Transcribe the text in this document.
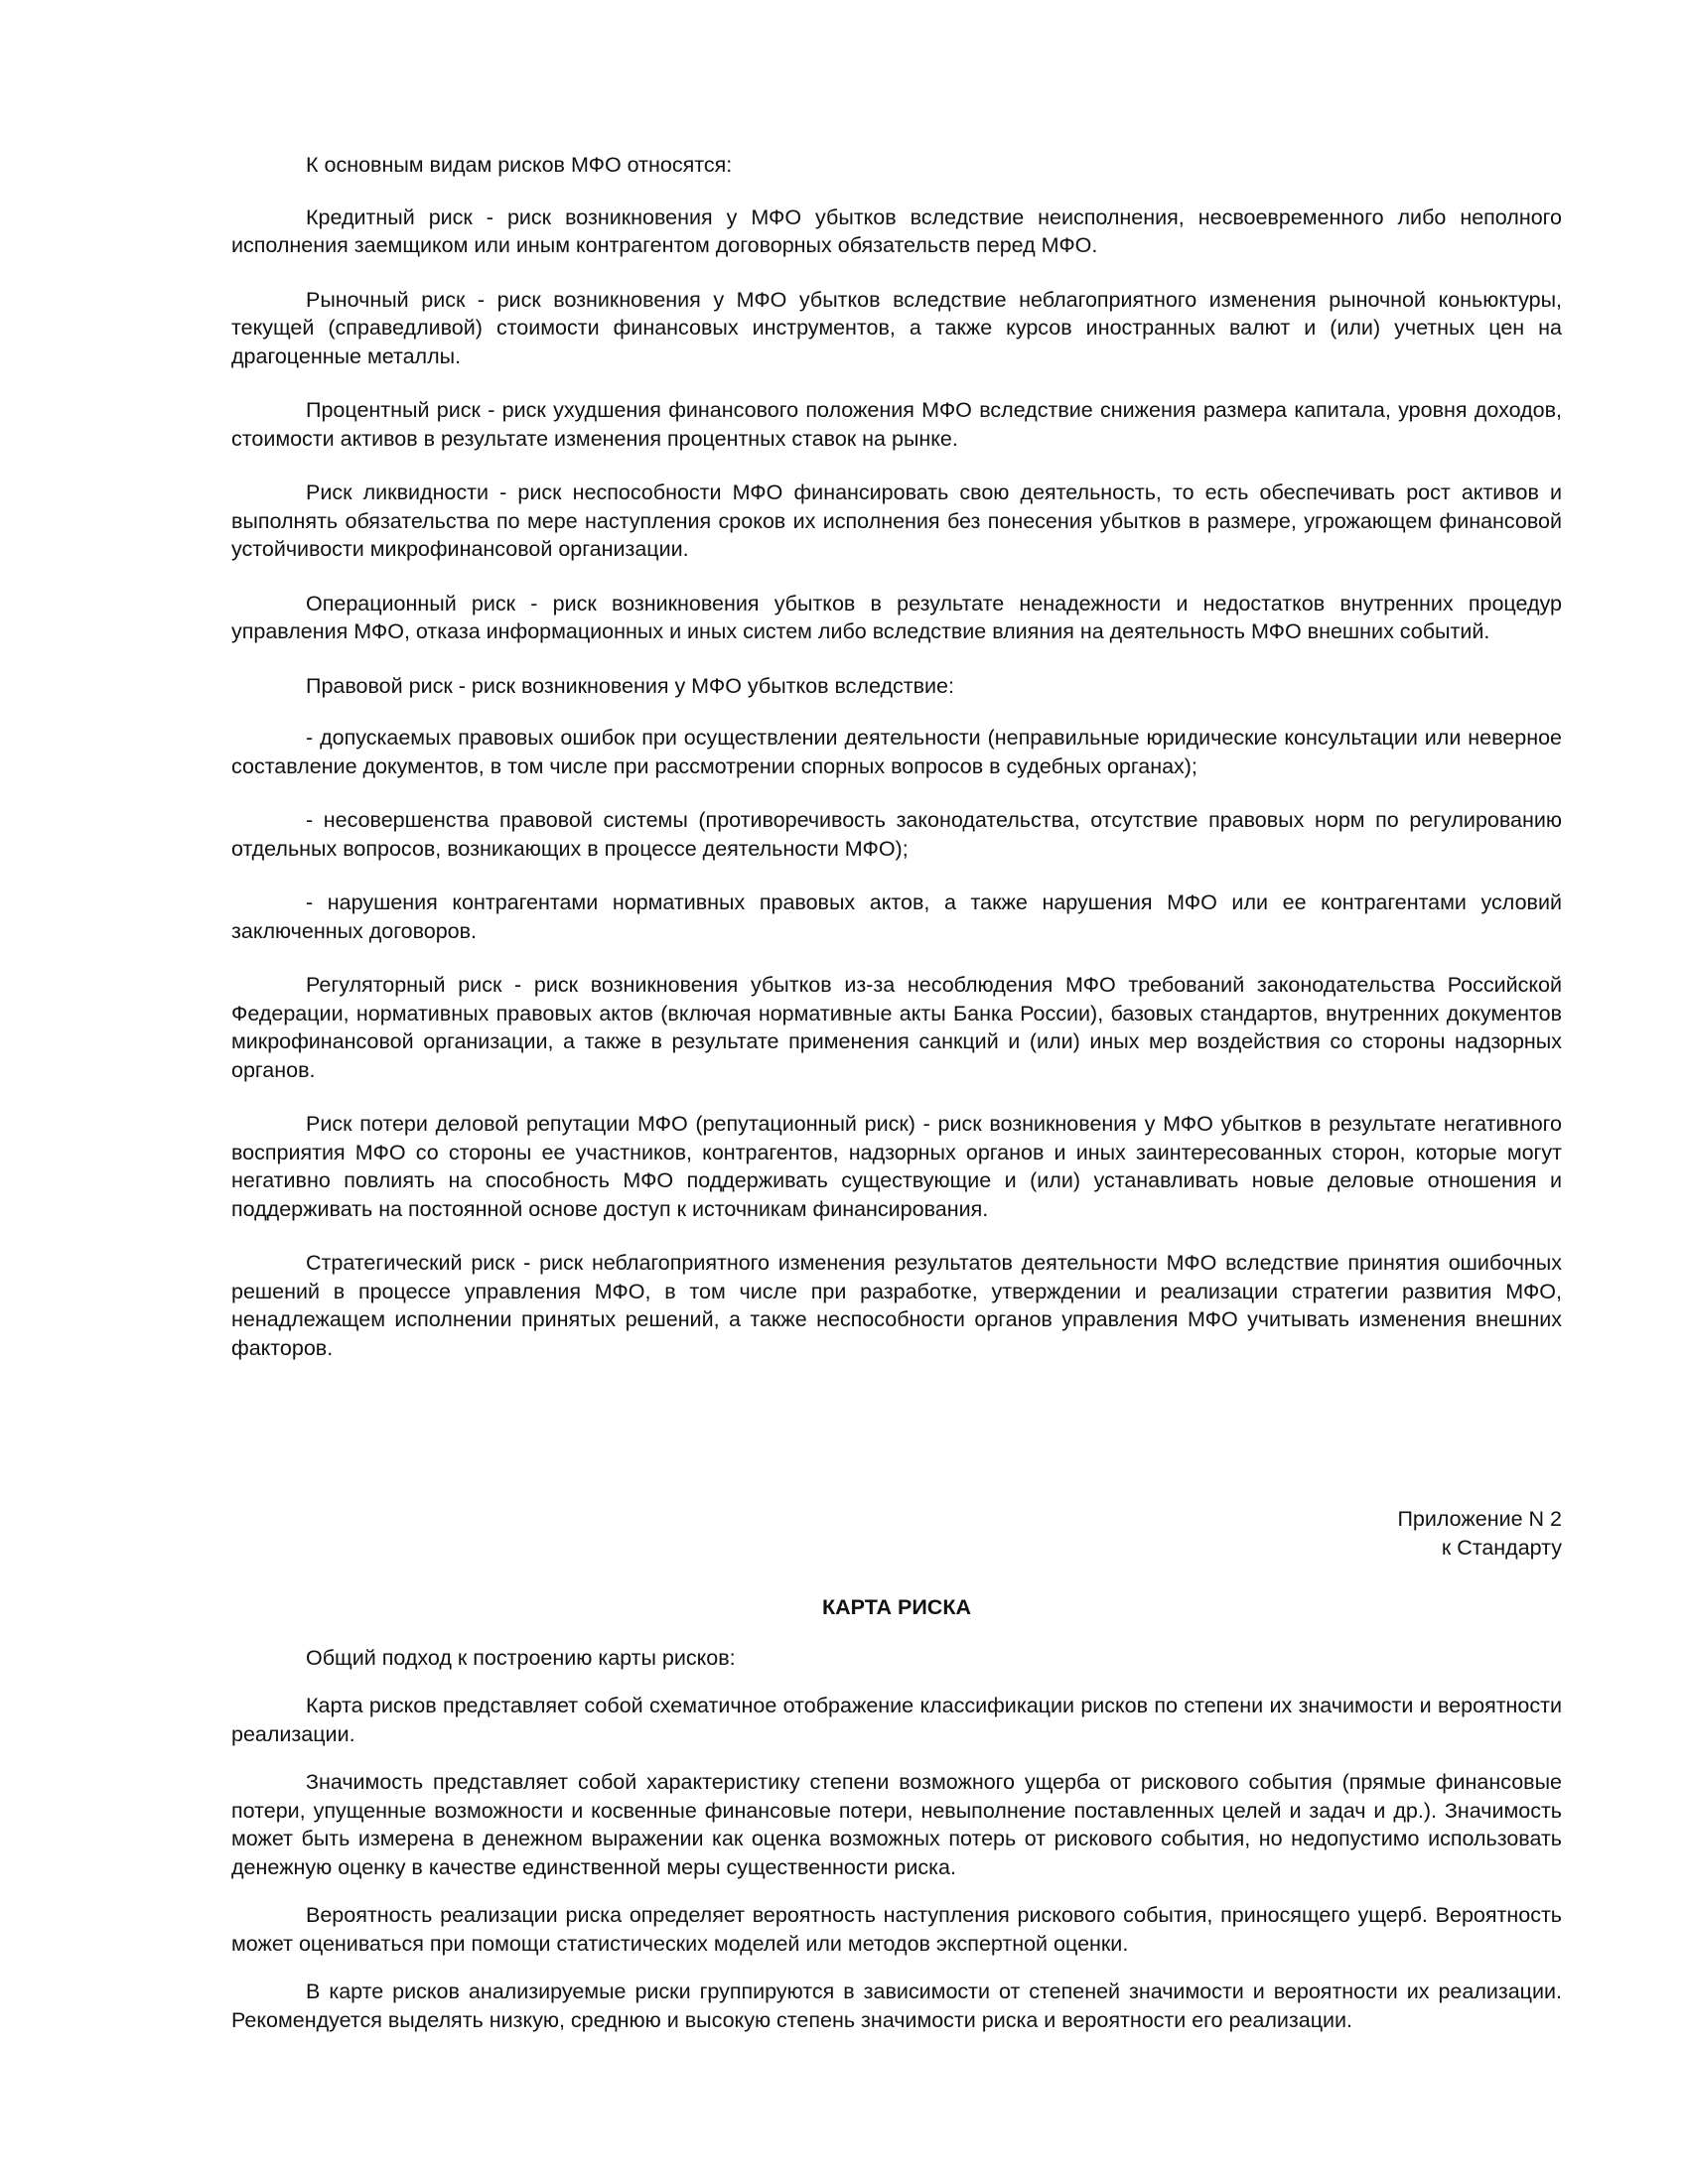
К основным видам рисков МФО относятся:

Кредитный риск - риск возникновения у МФО убытков вследствие неисполнения, несвоевременного либо неполного исполнения заемщиком или иным контрагентом договорных обязательств перед МФО.

Рыночный риск - риск возникновения у МФО убытков вследствие неблагоприятного изменения рыночной коньюктуры, текущей (справедливой) стоимости финансовых инструментов, а также курсов иностранных валют и (или) учетных цен на драгоценные металлы.

Процентный риск - риск ухудшения финансового положения МФО вследствие снижения размера капитала, уровня доходов, стоимости активов в результате изменения процентных ставок на рынке.

Риск ликвидности - риск неспособности МФО финансировать свою деятельность, то есть обеспечивать рост активов и выполнять обязательства по мере наступления сроков их исполнения без понесения убытков в размере, угрожающем финансовой устойчивости микрофинансовой организации.

Операционный риск - риск возникновения убытков в результате ненадежности и недостатков внутренних процедур управления МФО, отказа информационных и иных систем либо вследствие влияния на деятельность МФО внешних событий.

Правовой риск - риск возникновения у МФО убытков вследствие:

- допускаемых правовых ошибок при осуществлении деятельности (неправильные юридические консультации или неверное составление документов, в том числе при рассмотрении спорных вопросов в судебных органах);

- несовершенства правовой системы (противоречивость законодательства, отсутствие правовых норм по регулированию отдельных вопросов, возникающих в процессе деятельности МФО);

- нарушения контрагентами нормативных правовых актов, а также нарушения МФО или ее контрагентами условий заключенных договоров.

Регуляторный риск - риск возникновения убытков из-за несоблюдения МФО требований законодательства Российской Федерации, нормативных правовых актов (включая нормативные акты Банка России), базовых стандартов, внутренних документов микрофинансовой организации, а также в результате применения санкций и (или) иных мер воздействия со стороны надзорных органов.

Риск потери деловой репутации МФО (репутационный риск) - риск возникновения у МФО убытков в результате негативного восприятия МФО со стороны ее участников, контрагентов, надзорных органов и иных заинтересованных сторон, которые могут негативно повлиять на способность МФО поддерживать существующие и (или) устанавливать новые деловые отношения и поддерживать на постоянной основе доступ к источникам финансирования.

Стратегический риск - риск неблагоприятного изменения результатов деятельности МФО вследствие принятия ошибочных решений в процессе управления МФО, в том числе при разработке, утверждении и реализации стратегии развития МФО, ненадлежащем исполнении принятых решений, а также неспособности органов управления МФО учитывать изменения внешних факторов.

Приложение N 2
к Стандарту
КАРТА РИСКА

Общий подход к построению карты рисков:

Карта рисков представляет собой схематичное отображение классификации рисков по степени их значимости и вероятности реализации.

Значимость представляет собой характеристику степени возможного ущерба от рискового события (прямые финансовые потери, упущенные возможности и косвенные финансовые потери, невыполнение поставленных целей и задач и др.). Значимость может быть измерена в денежном выражении как оценка возможных потерь от рискового события, но недопустимо использовать денежную оценку в качестве единственной меры существенности риска.

Вероятность реализации риска определяет вероятность наступления рискового события, приносящего ущерб. Вероятность может оцениваться при помощи статистических моделей или методов экспертной оценки.

В карте рисков анализируемые риски группируются в зависимости от степеней значимости и вероятности их реализации. Рекомендуется выделять низкую, среднюю и высокую степень значимости риска и вероятности его реализации.
